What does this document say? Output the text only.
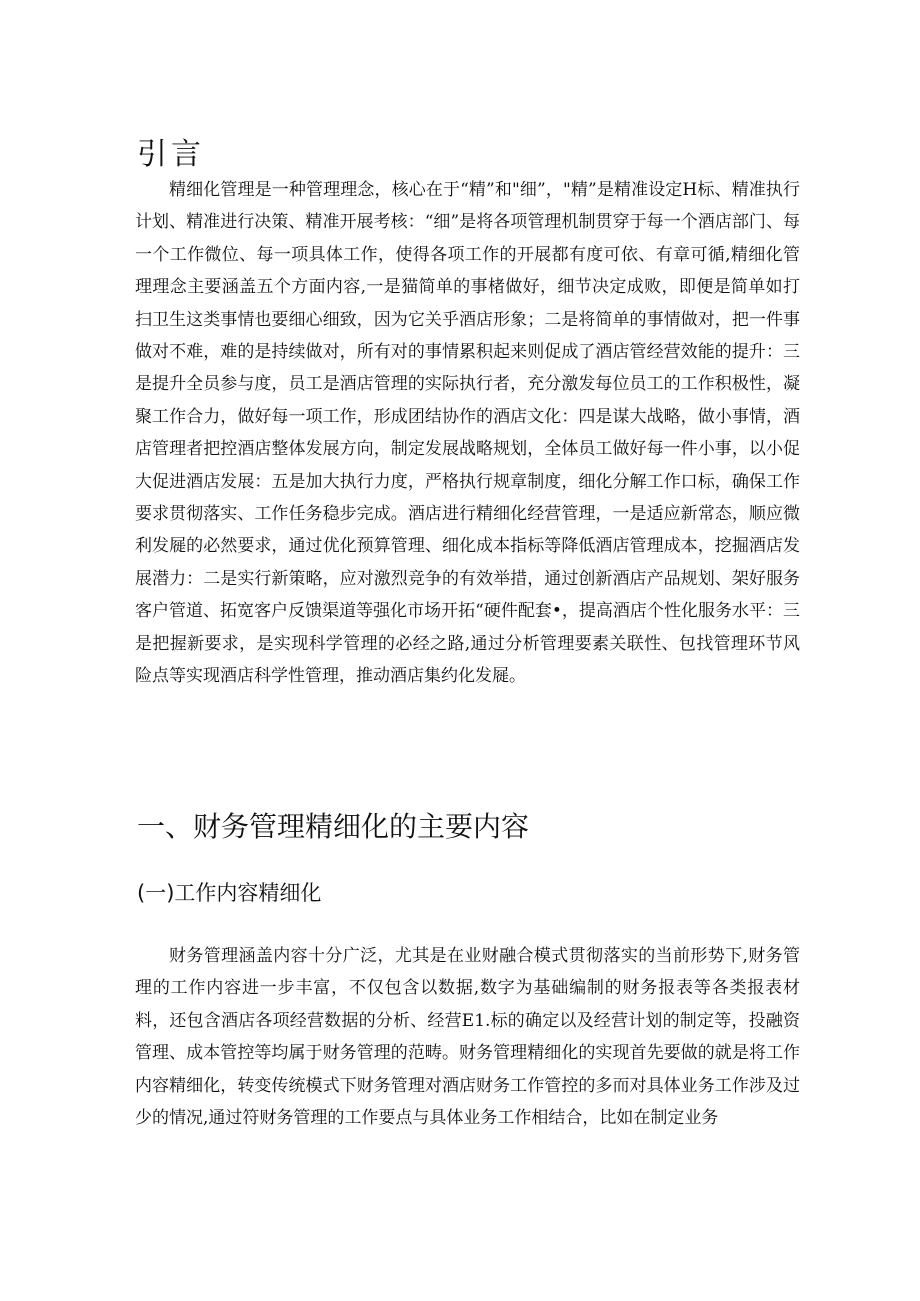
引言

精细化管理是一种管理理念，核心在于“精”和"细”，"精”是精准设定H标、精准执行计划、精准进行决策、精准开展考核：“细”是将各项管理机制贯穿于每一个酒店部门、每一个工作微位、每一项具体工作，使得各项工作的开展都有度可依、有章可循,精细化管理理念主要涵盖五个方面内容,一是猫简单的事楮做好，细节决定成败，即便是简单如打扫卫生这类事情也要细心细致，因为它关乎酒店形象；二是将简单的事情做对，把一件事做对不难，难的是持续做对，所有对的事情累积起来则促成了酒店管经营效能的提升：三是提升全员参与度，员工是酒店管理的实际执行者，充分激发每位员工的工作积极性，凝聚工作合力，做好每一项工作，形成团结协作的酒店文化：四是谋大战略，做小事情，酒店管理者把控酒店整体发展方向，制定发展战略规划，全体员工做好每一件小事，以小促大促进酒店发展：五是加大执行力度，严格执行规章制度，细化分解工作口标，确保工作要求贯彻落实、工作任务稳步完成。酒店进行精细化经营管理，一是适应新常态，顺应微利发屣的必然要求，通过优化预算管理、细化成本指标等降低酒店管理成本，挖掘酒店发展潜力：二是实行新策略，应对激烈竞争的有效举措，通过创新酒店产品规划、架好服务客户管道、拓宽客户反馈渠道等强化市场开拓“硬件配套•，提高酒店个性化服务水平：三是把握新要求，是实现科学管理的必经之路,通过分析管理要素关联性、包找管理环节风险点等实现酒店科学性管理，推动酒店集约化发屣。

一、财务管理精细化的主要内容
(一)工作内容精细化

财务管理涵盖内容十分广泛，尤其是在业财融合模式贯彻落实的当前形势下,财务管理的工作内容进一步丰富，不仅包含以数据,数字为基础编制的财务报表等各类报表材料，还包含酒店各项经营数据的分析、经营E1.标的确定以及经营计划的制定等，投融资管理、成本管控等均属于财务管理的范畴。财务管理精细化的实现首先要做的就是将工作内容精细化，转变传统模式下财务管理对酒店财务工作管控的多而对具体业务工作涉及过少的情况,通过符财务管理的工作要点与具体业务工作相结合，比如在制定业务
